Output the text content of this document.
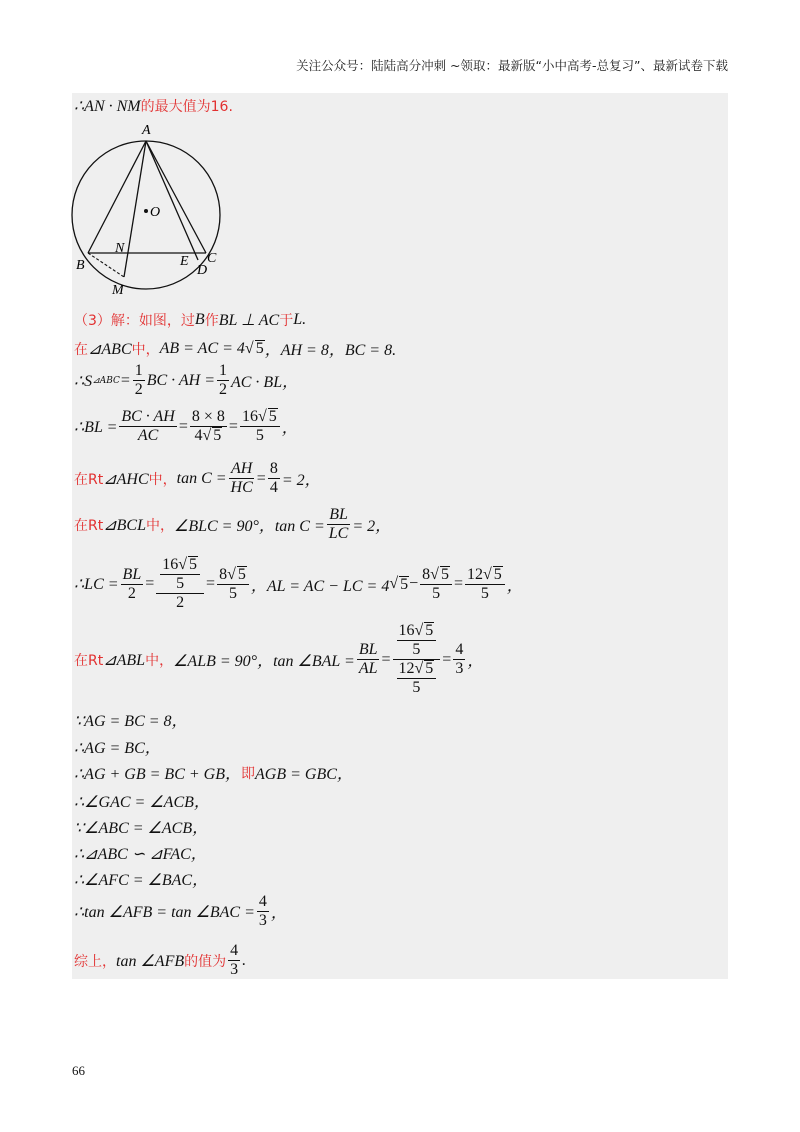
关注公众号：陆陆高分冲刺 ~领取：最新版“小中高考-总复习”、最新试卷下载
∴AN · NM 的最大值为16.
A
O
N
B	E C
D
M
（3）解：如图，过 B 作 BL ⊥ AC 于 L.
在 ⊿ABC 中， AB = AC = 4 √ 5 ，AH = 8，BC = 8.
∴S ⊿ABC = $\frac{1}{2}$ BC · AH = $\frac{1}{2}$ AC · BL，
∴BL = $\frac{BC \cdot AH}{AC} = \frac{8 \times 8}{4√ 5} = \frac{16√ 5}{5}$ ，
在Rt ⊿AHC 中， $\tan C = \frac{AH}{HC} = \frac{8}{4} = 2$，
在Rt ⊿BCL 中， ∠BLC = 90°，$\tan C = \frac{BL}{LC} = 2$，
∴LC = $\frac{BL}{2} = \frac{\frac{16√ 5}{5}}{2} = \frac{8√ 5}{5}$ ，AL = AC − LC = 4 √ $5 - \frac{8√ 5}{5} = \frac{12√ 5}{5}$ ，
在Rt ⊿ABL 中， ∠ALB = 90°，tan ∠BAL = $\frac{BL}{AL} = \frac{\frac{16√ 5}{5}}{\frac{12√ 5}{5}} = \frac{4}{3}$ ，
∵AG = BC = 8，
∴AG = BC，
∴AG + GB = BC + GB， 即 AGB = GBC，
∴∠GAC = ∠ACB，
∵∠ABC = ∠ACB，
∴⊿ABC ∽ ⊿FAC，
∴∠AFC = ∠BAC，
∴tan ∠AFB = tan ∠BAC = $\frac{4}{3}$ ，
综上， tan ∠AFB 的值为 $\frac{4}{3}$ .
66
